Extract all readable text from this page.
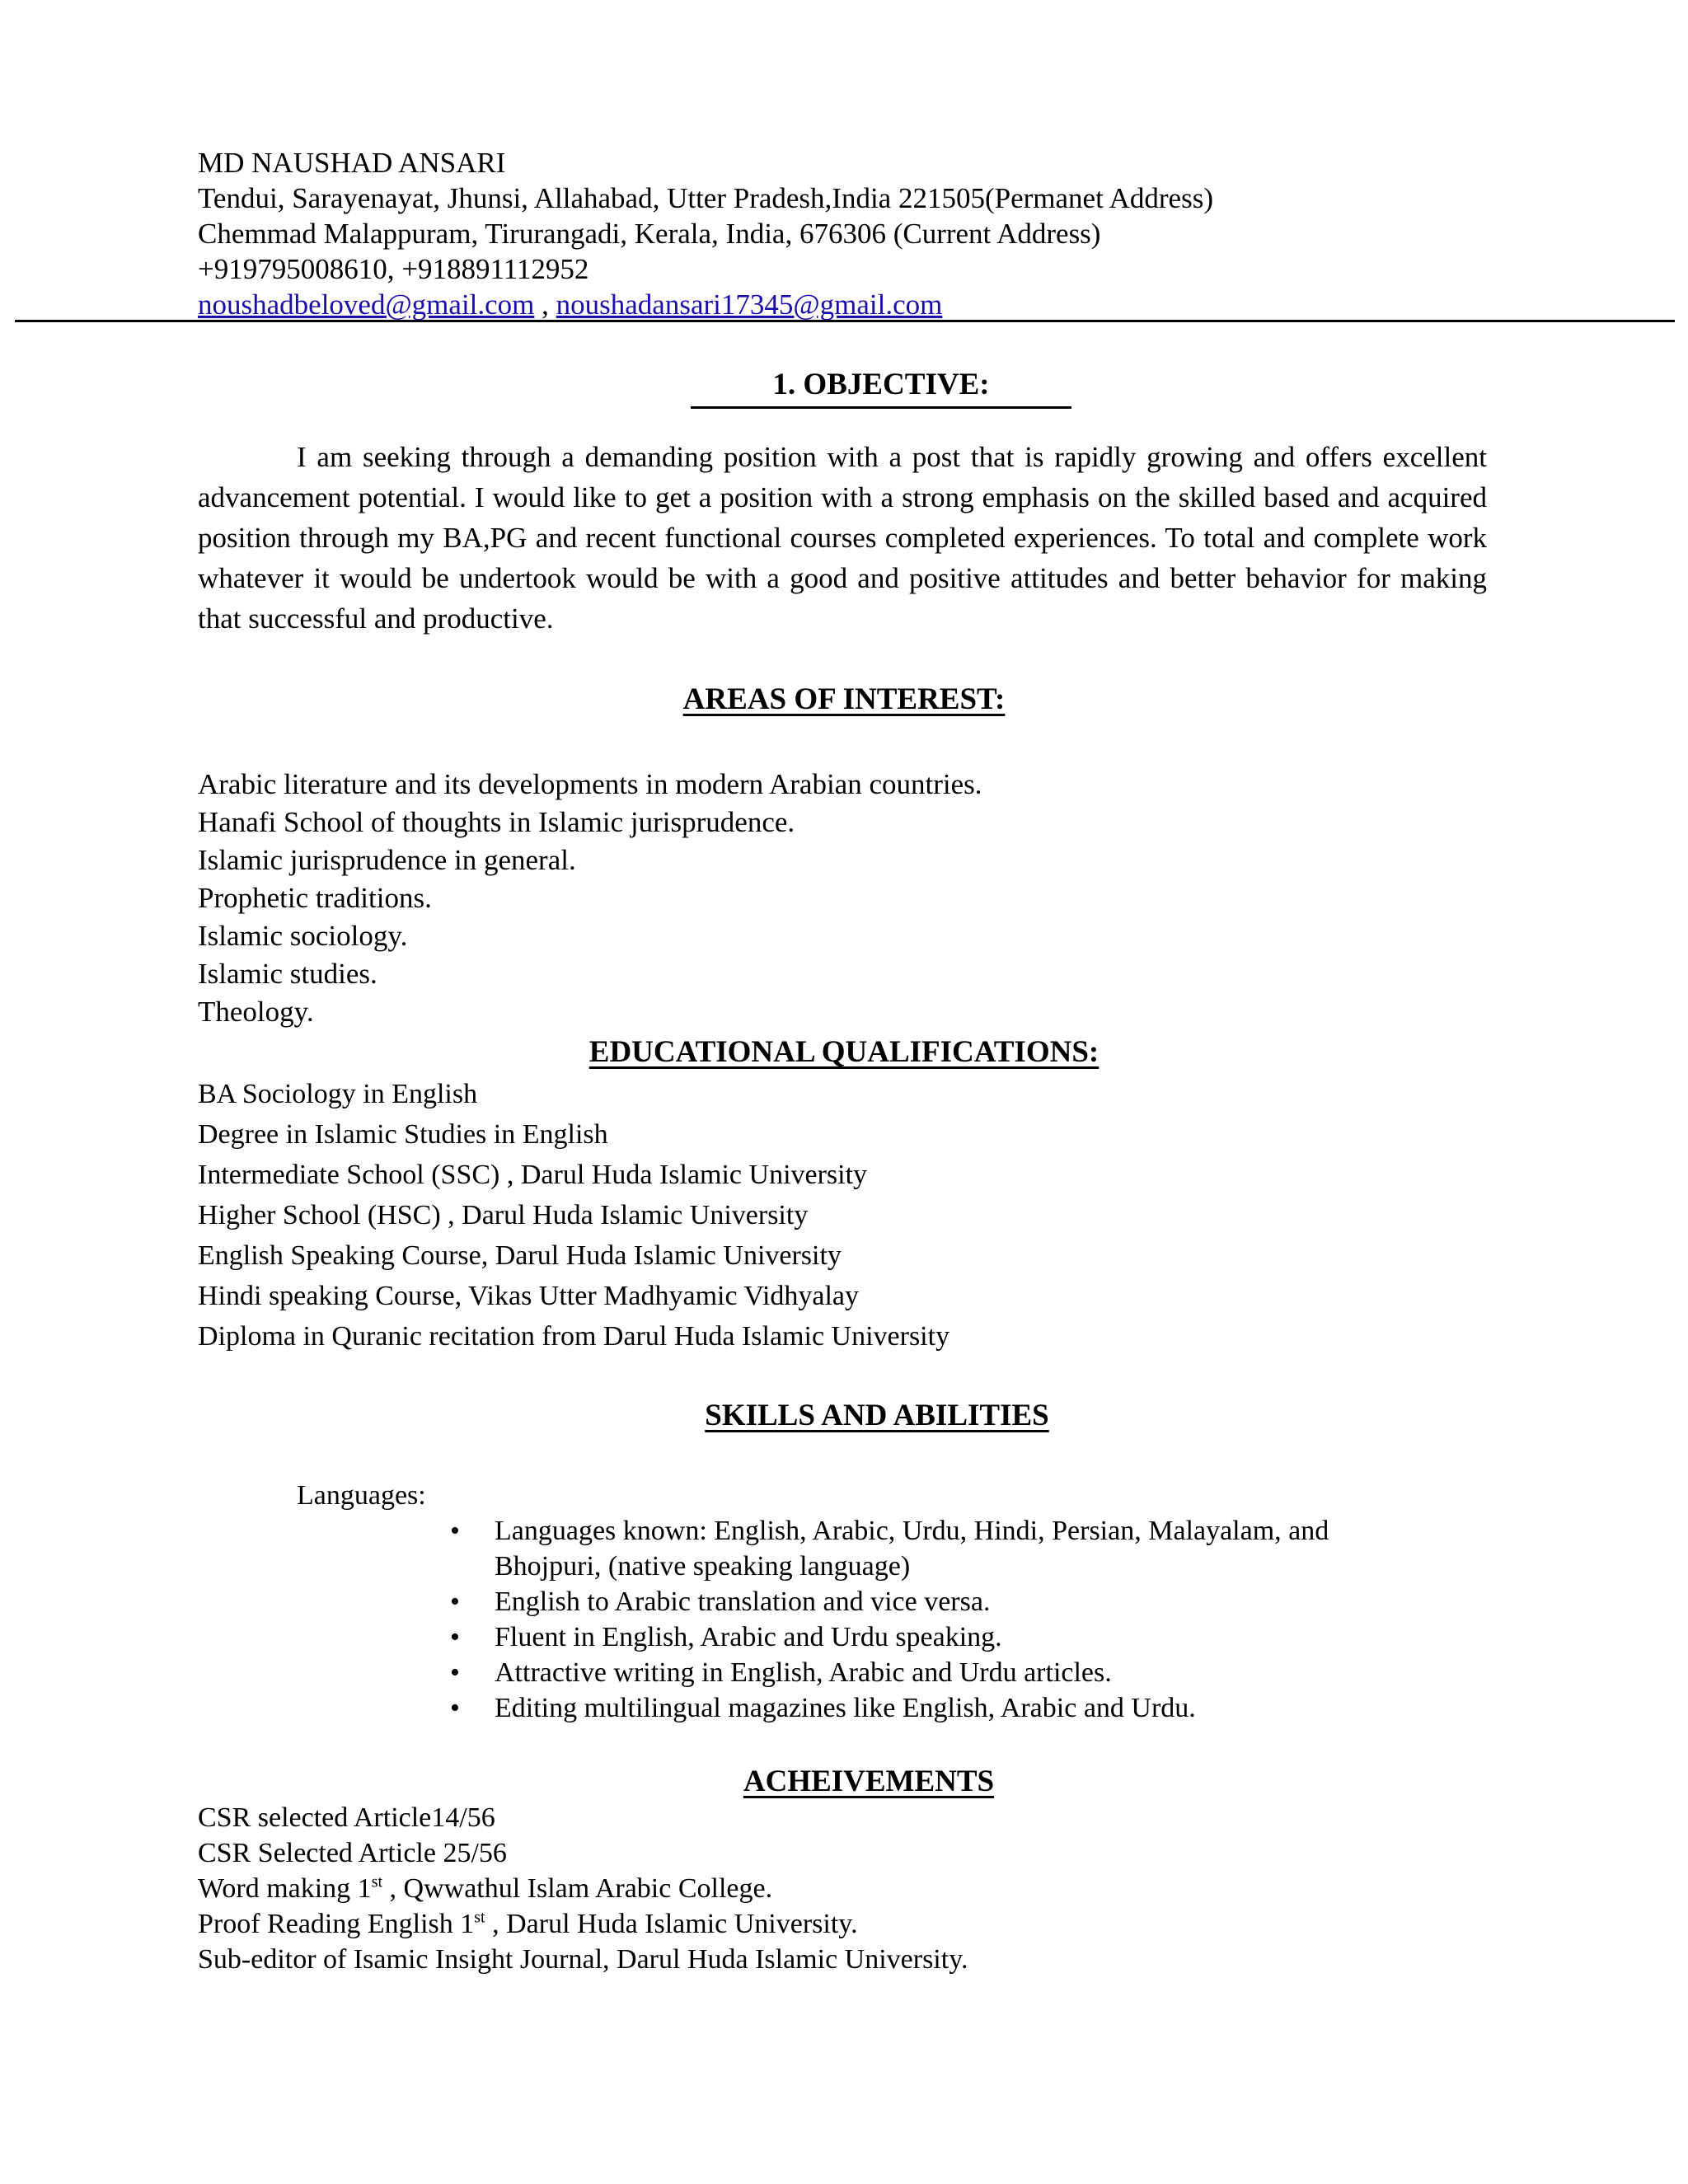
MD NAUSHAD ANSARI
Tendui, Sarayenayat, Jhunsi, Allahabad, Utter Pradesh,India 221505(Permanet Address)
Chemmad Malappuram, Tirurangadi, Kerala, India, 676306 (Current Address)
+919795008610, +918891112952
noushadbeloved@gmail.com , noushadansari17345@gmail.com
1. OBJECTIVE:
I am seeking through a demanding position with a post that is rapidly growing and offers excellent advancement potential. I would like to get a position with a strong emphasis on the skilled based and acquired position through my BA,PG and recent functional courses completed experiences. To total and complete work whatever it would be undertook would be with a good and positive attitudes and better behavior for making that successful and productive.
AREAS OF INTEREST:
Arabic literature and its developments in modern Arabian countries.
Hanafi School of thoughts in Islamic jurisprudence.
Islamic jurisprudence in general.
Prophetic traditions.
Islamic sociology.
Islamic studies.
Theology.
EDUCATIONAL QUALIFICATIONS:
BA Sociology in English
Degree in Islamic Studies in English
Intermediate School (SSC) , Darul Huda Islamic University
Higher School (HSC) , Darul Huda Islamic University
English Speaking Course, Darul Huda Islamic University
Hindi speaking Course, Vikas Utter Madhyamic Vidhyalay
Diploma in Quranic recitation from Darul Huda Islamic University
SKILLS AND ABILITIES
Languages:
•	Languages known: English, Arabic, Urdu, Hindi, Persian, Malayalam, and Bhojpuri, (native speaking language)
•	English to Arabic translation and vice versa.
•	Fluent in English, Arabic and Urdu speaking.
•	Attractive writing in English, Arabic and Urdu articles.
•	Editing multilingual magazines like English, Arabic and Urdu.
ACHEIVEMENTS
CSR selected Article14/56
CSR Selected Article 25/56
Word making 1st , Qwwathul Islam Arabic College.
Proof Reading English 1st , Darul Huda Islamic University.
Sub-editor of Isamic Insight Journal, Darul Huda Islamic University.
